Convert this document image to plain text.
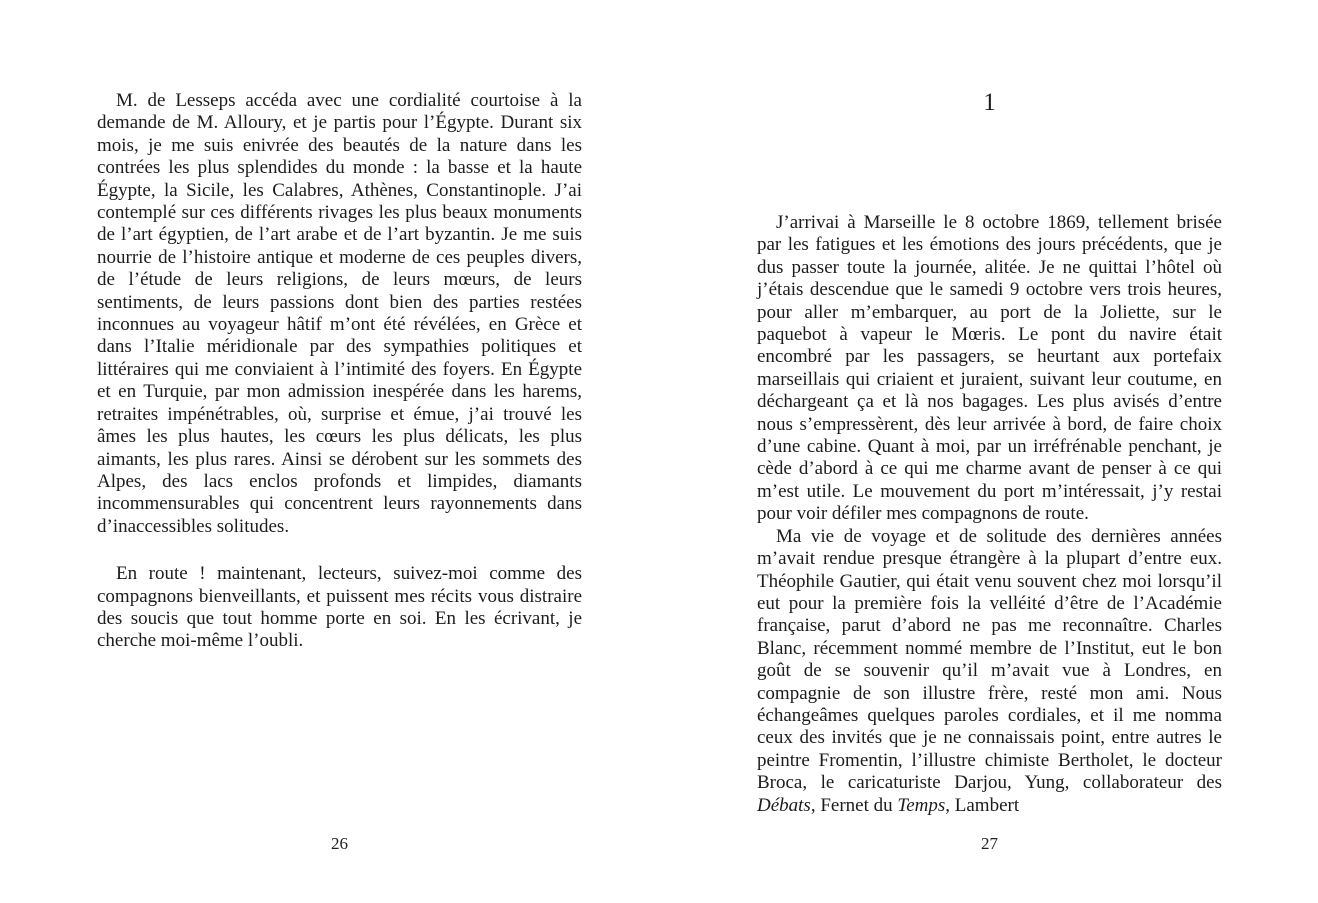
M. de Lesseps accéda avec une cordialité courtoise à la demande de M. Alloury, et je partis pour l’Égypte. Durant six mois, je me suis enivrée des beautés de la nature dans les contrées les plus splendides du monde : la basse et la haute Égypte, la Sicile, les Calabres, Athènes, Constantinople. J’ai contemplé sur ces différents rivages les plus beaux monuments de l’art égyptien, de l’art arabe et de l’art byzantin. Je me suis nourrie de l’histoire antique et moderne de ces peuples divers, de l’étude de leurs religions, de leurs mœurs, de leurs sentiments, de leurs passions dont bien des parties restées inconnues au voyageur hâtif m’ont été révélées, en Grèce et dans l’Italie méridionale par des sympathies politiques et littéraires qui me conviaient à l’intimité des foyers. En Égypte et en Turquie, par mon admission inespérée dans les harems, retraites impénétrables, où, surprise et émue, j’ai trouvé les âmes les plus hautes, les cœurs les plus délicats, les plus aimants, les plus rares. Ainsi se dérobent sur les sommets des Alpes, des lacs enclos profonds et limpides, diamants incommensurables qui concentrent leurs rayonnements dans d’inaccessibles solitudes.

En route ! maintenant, lecteurs, suivez-moi comme des compagnons bienveillants, et puissent mes récits vous distraire des soucis que tout homme porte en soi. En les écrivant, je cherche moi-même l’oubli.

1

J’arrivai à Marseille le 8 octobre 1869, tellement brisée par les fatigues et les émotions des jours précédents, que je dus passer toute la journée, alitée. Je ne quittai l’hôtel où j’étais descendue que le samedi 9 octobre vers trois heures, pour aller m’embarquer, au port de la Joliette, sur le paquebot à vapeur le Mœris. Le pont du navire était encombré par les passagers, se heurtant aux portefaix marseillais qui criaient et juraient, suivant leur coutume, en déchargeant ça et là nos bagages. Les plus avisés d’entre nous s’empressèrent, dès leur arrivée à bord, de faire choix d’une cabine. Quant à moi, par un irréfrénable penchant, je cède d’abord à ce qui me charme avant de penser à ce qui m’est utile. Le mouvement du port m’intéressait, j’y restai pour voir défiler mes compagnons de route.

Ma vie de voyage et de solitude des dernières années m’avait rendue presque étrangère à la plupart d’entre eux. Théophile Gautier, qui était venu souvent chez moi lorsqu’il eut pour la première fois la velléité d’être de l’Académie française, parut d’abord ne pas me reconnaître. Charles Blanc, récemment nommé membre de l’Institut, eut le bon goût de se souvenir qu’il m’avait vue à Londres, en compagnie de son illustre frère, resté mon ami. Nous échangeâmes quelques paroles cordiales, et il me nomma ceux des invités que je ne connaissais point, entre autres le peintre Fromentin, l’illustre chimiste Bertholet, le docteur Broca, le caricaturiste Darjou, Yung, collaborateur des Débats, Fernet du Temps, Lambert

26	27
